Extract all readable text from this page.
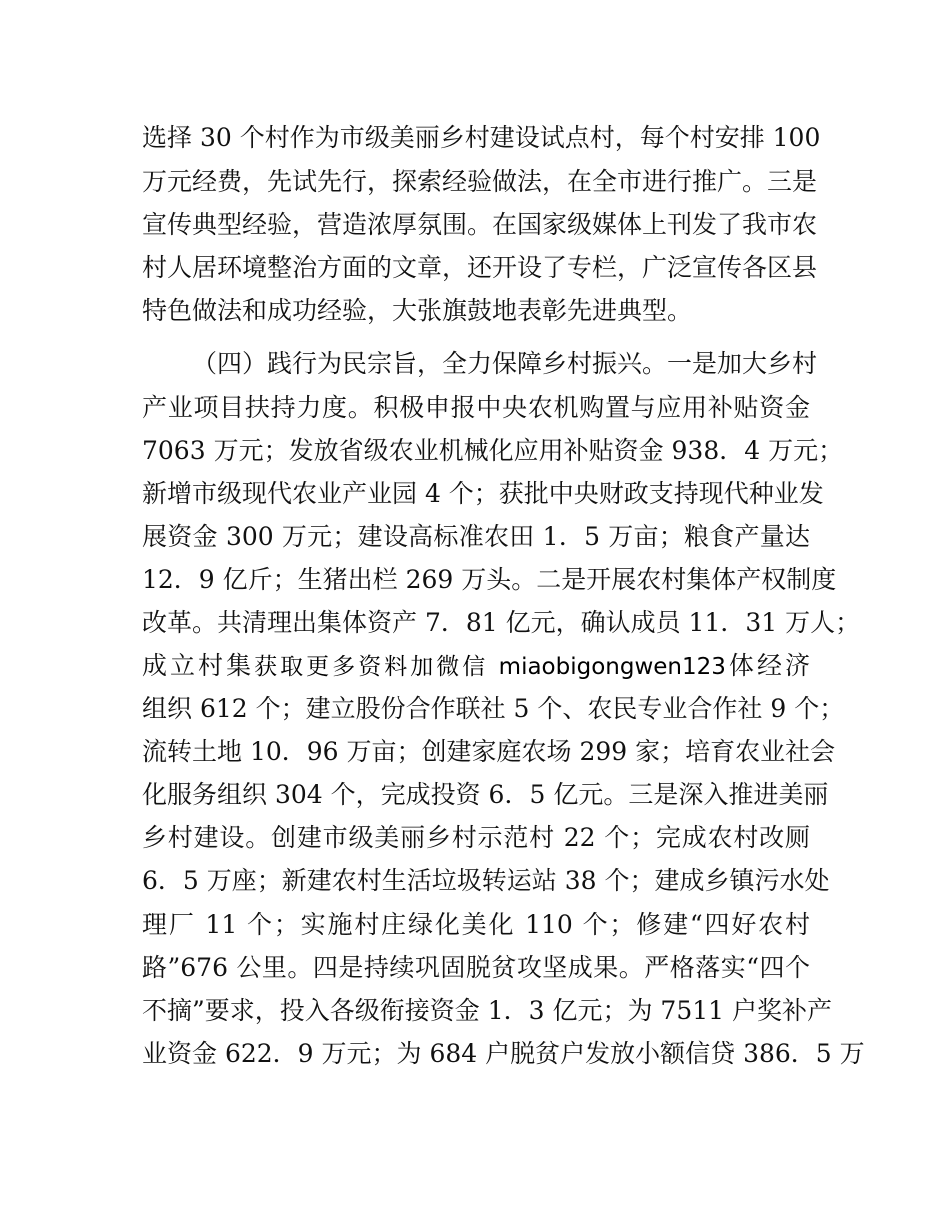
选择 30 个村作为市级美丽乡村建设试点村，每个村安排 100
万元经费，先试先行，探索经验做法，在全市进行推广。三是
宣传典型经验，营造浓厚氛围。在国家级媒体上刊发了我市农
村人居环境整治方面的文章，还开设了专栏，广泛宣传各区县
特色做法和成功经验，大张旗鼓地表彰先进典型。
（四）践行为民宗旨，全力保障乡村振兴。一是加大乡村
产业项目扶持力度。积极申报中央农机购置与应用补贴资金
7063 万元；发放省级农业机械化应用补贴资金 938．4 万元；
新增市级现代农业产业园 4 个；获批中央财政支持现代种业发
展资金 300 万元；建设高标准农田 1．5 万亩；粮食产量达
12．9 亿斤；生猪出栏 269 万头。二是开展农村集体产权制度
改革。共清理出集体资产 7．81 亿元，确认成员 11．31 万人；
成立村集获取更多资料加微信 miaobigongwen123体经济
组织 612 个；建立股份合作联社 5 个、农民专业合作社 9 个；
流转土地 10．96 万亩；创建家庭农场 299 家；培育农业社会
化服务组织 304 个，完成投资 6．5 亿元。三是深入推进美丽
乡村建设。创建市级美丽乡村示范村 22 个；完成农村改厕
6．5 万座；新建农村生活垃圾转运站 38 个；建成乡镇污水处
理厂 11 个；实施村庄绿化美化 110 个；修建“四好农村
路”676 公里。四是持续巩固脱贫攻坚成果。严格落实“四个
不摘”要求，投入各级衔接资金 1．3 亿元；为 7511 户奖补产
业资金 622．9 万元；为 684 户脱贫户发放小额信贷 386．5 万
